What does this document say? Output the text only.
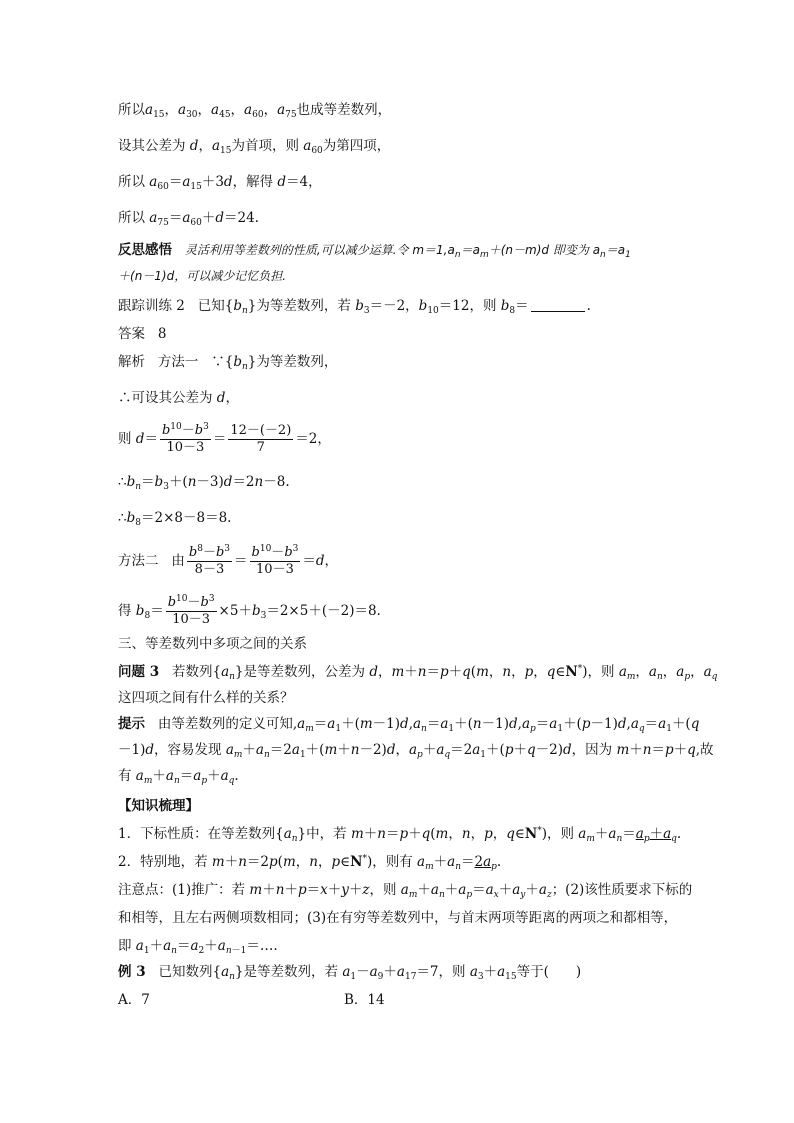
所以$a_{15}$，$a_{30}$，$a_{45}$，$a_{60}$，$a_{75}$也成等差数列，
设其公差为 d，$a_{15}$为首项，则 $a_{60}$为第四项，
所以 $a_{60}=a_{15}+3d$，解得 d＝4，
所以 $a_{75}=a_{60}+d=24$.
反思感悟 灵活利用等差数列的性质,可以减少运算.令 $m=1,a_n=a_m+(n-m)d$ 即变为 $a_n=a_1$
＋(n－1)d，可以减少记忆负担.
跟踪训练 2   已知$\{b_n\}$为等差数列，若 $b_3=-2$，$b_{10}=12$，则 $b_8=$	.
答案 8
解析   方法一   $\because\{b_n\}$为等差数列，
∴可设其公差为 d，
则 $d= \frac{b^{10}-b^3}{10-3} = \frac{12-(-2)}{7} =2$，
$\therefore b_n=b_3+(n-3)d=2n-8$.
$\therefore b_8=2\times 8-8=8$.
方法二   由 $\frac{b^8-b^3}{8-3} = \frac{b^{10}-b^3}{10-3} =d$，
得 $b_8= \frac{b^{10}-b^3}{10-3} \times 5+b_3=2\times 5+(-2)=8$.
三、等差数列中多项之间的关系
问题 3   若数列$\{a_n\}$是等差数列，公差为 d，m＋n＝p＋q(m，n，p，q∈N*)，则 $a_m$，$a_n$，$a_p$，$a_q$
这四项之间有什么样的关系？
提示   由等差数列的定义可知$,a_m=a_1+(m-1)d,a_n=a_1+(n-1)d,a_p=a_1+(p-1)d,a_q=a_1+(q$
－1)d，容易发现 $a_m+a_n=2a_1+(m+n-2)d$，$a_p+a_q=2a_1+(p+q-2)d$，因为 m＋n＝p＋q,故
有 $a_m+a_n=a_p+a_q$.
【知识梳理】
1．下标性质：在等差数列$\{a_n\}$中，若 m＋n＝p＋q(m，n，p，q∈N*)，则 $a_m+a_n=a_p+a_q$.
2．特别地，若 m＋n＝2p(m，n，p∈N*)，则有 $a_m+a_n=2a_p$.
注意点：(1)推广：若 m＋n＋p＝x＋y＋z，则 $a_m+a_n+a_p=a_x+a_y+a_z$；(2)该性质要求下标的
和相等，且左右两侧项数相同；(3)在有穷等差数列中，与首末两项等距离的两项之和都相等，
即 $a_1+a_n=a_2+a_{n-1}=\dots$.
例 3   已知数列$\{a_n\}$是等差数列，若 $a_1-a_9+a_{17}=7$，则 $a_3+a_{15}$等于(　　)
A．7	B．14
